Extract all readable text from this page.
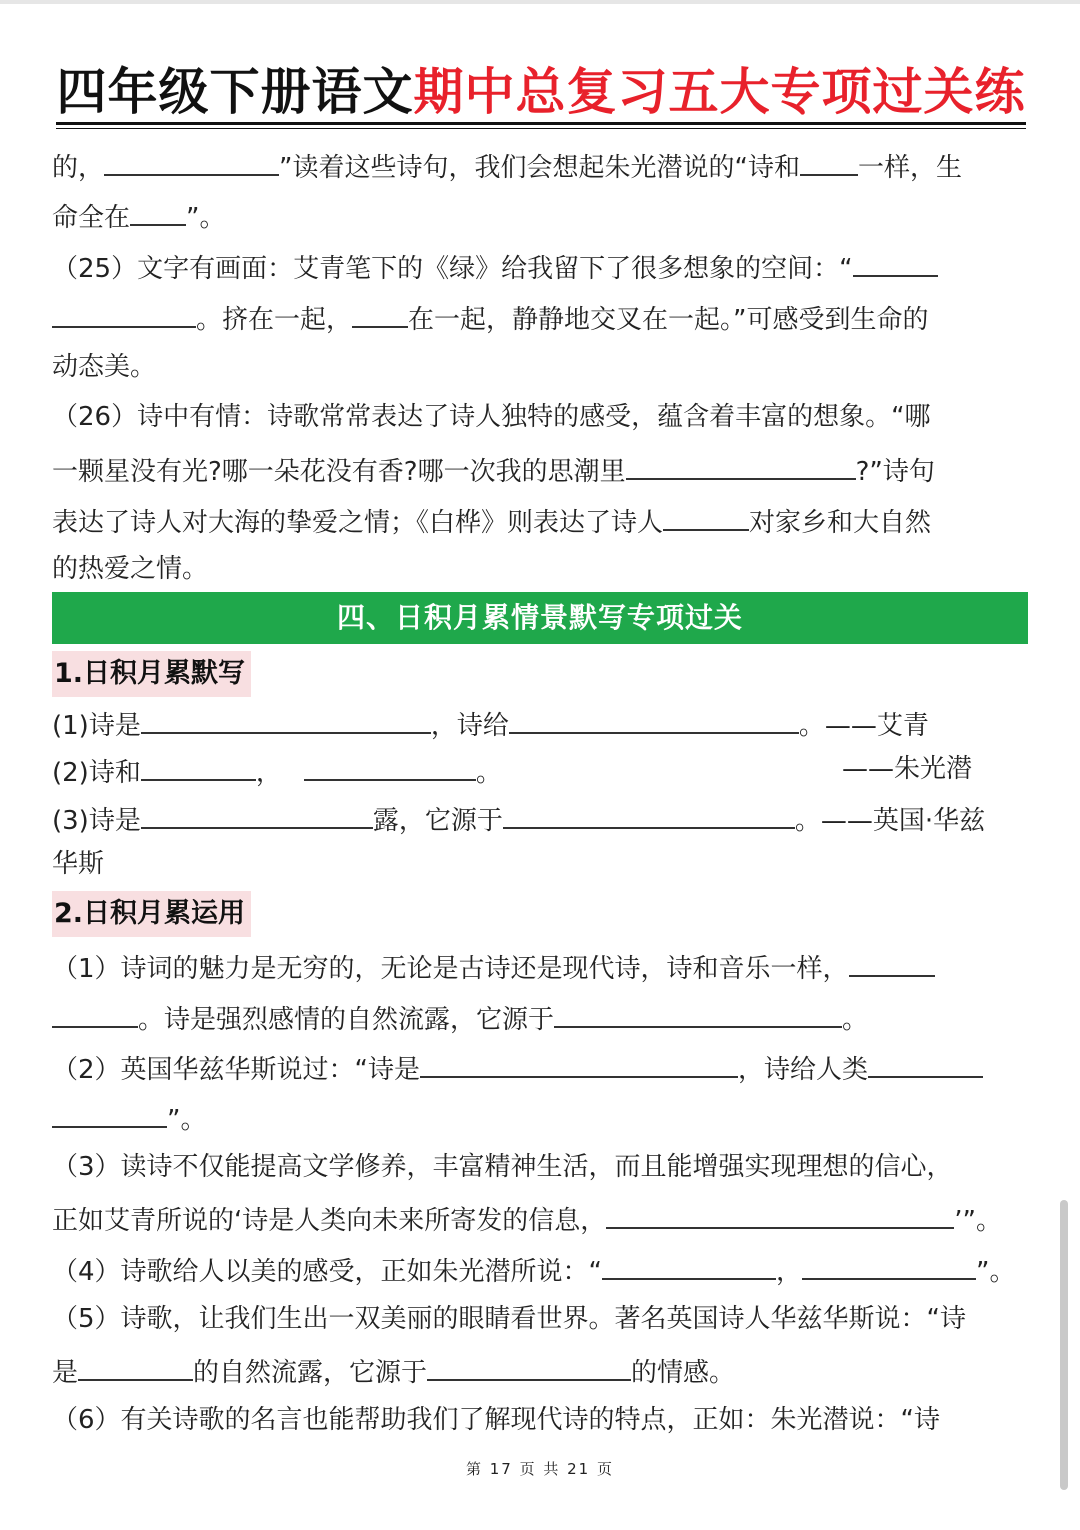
四年级下册语文期中总复习五大专项过关练
的，	”读着这些诗句，我们会想起朱光潜说的“诗和 一样，生
命全在 ”。
（25）文字有画面：艾青笔下的《绿》给我留下了很多想象的空间：“
。挤在一起， 在一起，静静地交叉在一起。”可感受到生命的
动态美。
（26）诗中有情：诗歌常常表达了诗人独特的感受，蕴含着丰富的想象。“哪
一颗星没有光?哪一朵花没有香?哪一次我的思潮里	?”诗句
表达了诗人对大海的挚爱之情；《白桦》则表达了诗人	对家乡和大自然
的热爱之情。
四、日积月累情景默写专项过关
1.日积月累默写
(1)诗是	，诗给	。——艾青
(2)诗和	，	。	——朱光潜
(3)诗是	露，它源于	。——英国·华兹
华斯
2.日积月累运用
（1）诗词的魅力是无穷的，无论是古诗还是现代诗，诗和音乐一样，
。诗是强烈感情的自然流露，它源于	。
（2）英国华兹华斯说过：“诗是	，诗给人类
”。
（3）读诗不仅能提高文学修养，丰富精神生活，而且能增强实现理想的信心，
正如艾青所说的‘诗是人类向未来所寄发的信息，	’”。
（4）诗歌给人以美的感受，正如朱光潜所说：“	，	”。
（5）诗歌，让我们生出一双美丽的眼睛看世界。著名英国诗人华兹华斯说：“诗
是	的自然流露，它源于	的情感。
（6）有关诗歌的名言也能帮助我们了解现代诗的特点，正如：朱光潜说：“诗
第 17 页 共 21 页
